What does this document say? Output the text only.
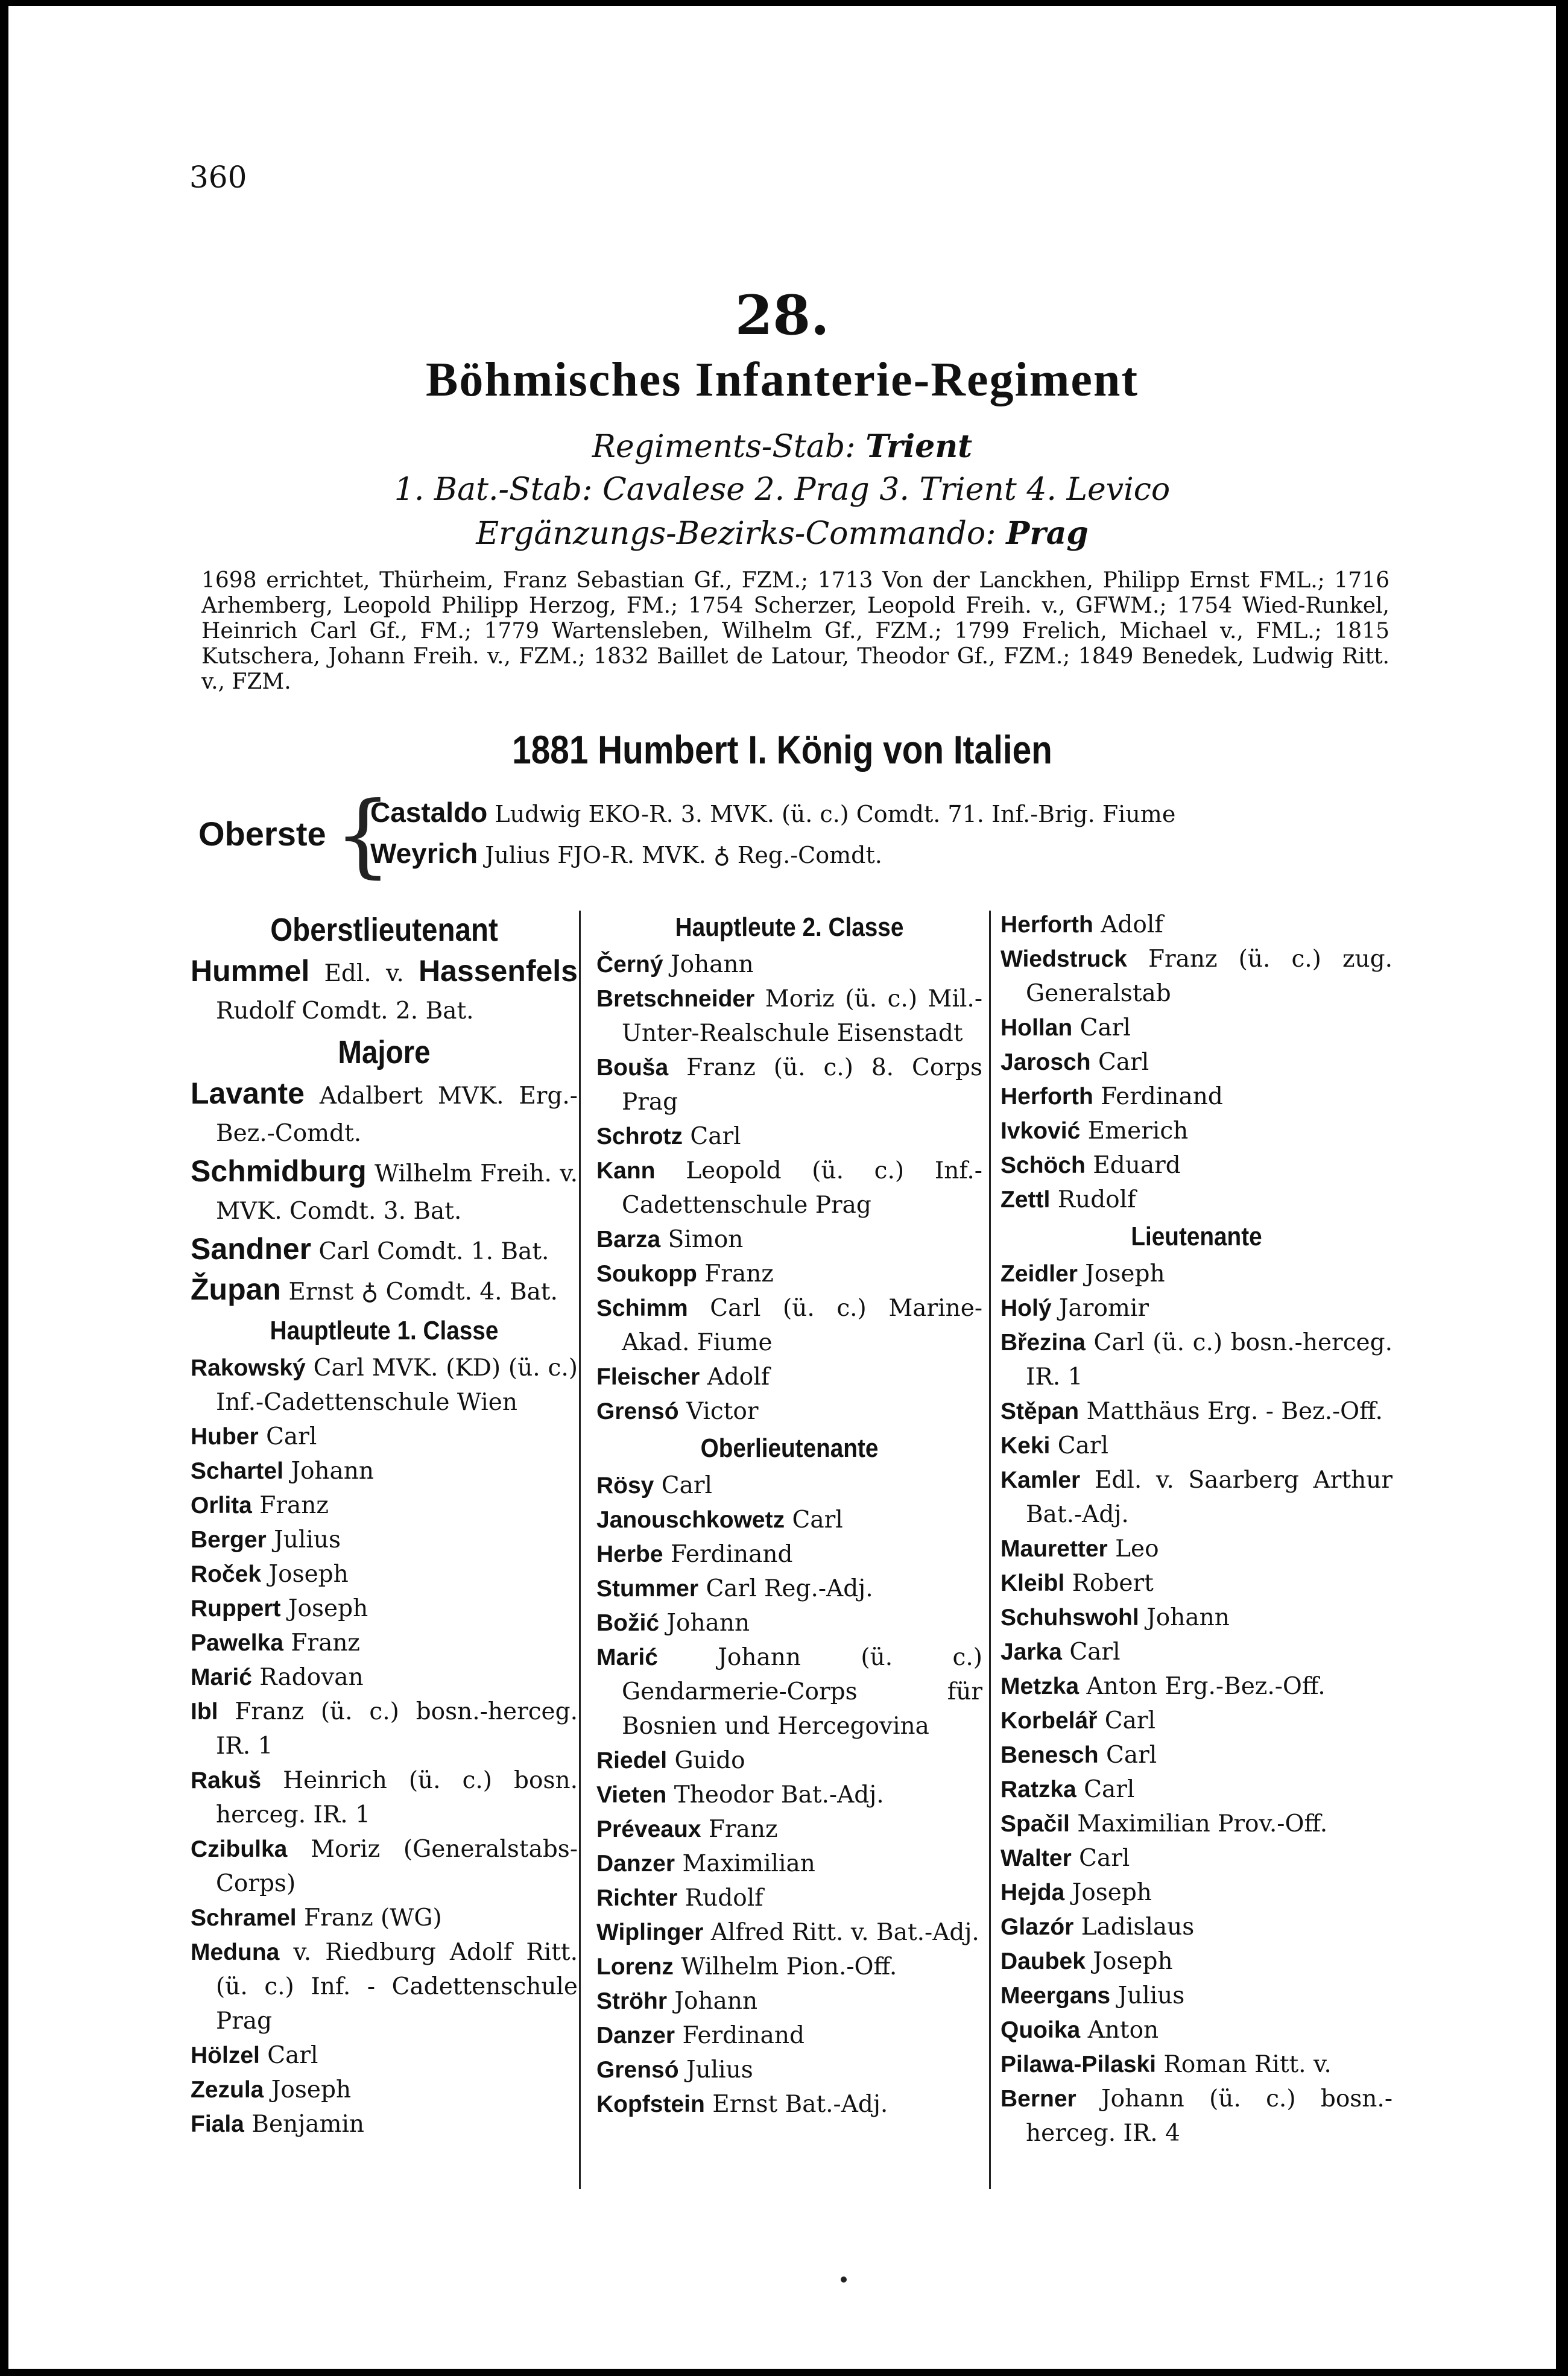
360
28.
Böhmisches Infanterie-Regiment
Regiments-Stab: Trient
1. Bat.-Stab: Cavalese 2. Prag 3. Trient 4. Levico
Ergänzungs-Bezirks-Commando: Prag
1698 errichtet, Thürheim, Franz Sebastian Gf., FZM.; 1713 Von der Lanckhen, Philipp Ernst FML.; 1716 Arhemberg, Leopold Philipp Herzog, FM.; 1754 Scherzer, Leopold Freih. v., GFWM.; 1754 Wied-Runkel, Heinrich Carl Gf., FM.; 1779 Wartensleben, Wilhelm Gf., FZM.; 1799 Frelich, Michael v., FML.; 1815 Kutschera, Johann Freih. v., FZM.; 1832 Baillet de Latour, Theodor Gf., FZM.; 1849 Benedek, Ludwig Ritt. v., FZM.
1881 Humbert I. König von Italien
Oberste {
Castaldo Ludwig EKO-R. 3. MVK. (ü. c.) Comdt. 71. Inf.-Brig. Fiume
Weyrich Julius FJO-R. MVK. ♁ Reg.-Comdt.
Oberstlieutenant
Hummel Edl. v. Hassenfels Rudolf Comdt. 2. Bat.
Majore
Lavante Adalbert MVK. Erg.-Bez.-Comdt.
Schmidburg Wilhelm Freih. v. MVK. Comdt. 3. Bat.
Sandner Carl Comdt. 1. Bat.
Župan Ernst ♁ Comdt. 4. Bat.
Hauptleute 1. Classe
Rakowský Carl MVK. (KD) (ü. c.) Inf.-Cadettenschule Wien
Huber Carl
Schartel Johann
Orlita Franz
Berger Julius
Roček Joseph
Ruppert Joseph
Pawelka Franz
Marić Radovan
Ibl Franz (ü. c.) bosn.-herceg. IR. 1
Rakuš Heinrich (ü. c.) bosn. herceg. IR. 1
Czibulka Moriz (Generalstabs-Corps)
Schramel Franz (WG)
Meduna v. Riedburg Adolf Ritt. (ü. c.) Inf. - Cadettenschule Prag
Hölzel Carl
Zezula Joseph
Fiala Benjamin
Hauptleute 2. Classe
Černý Johann
Bretschneider Moriz (ü. c.) Mil.-Unter-Realschule Eisenstadt
Bouša Franz (ü. c.) 8. Corps Prag
Schrotz Carl
Kann Leopold (ü. c.) Inf.-Cadettenschule Prag
Barza Simon
Soukopp Franz
Schimm Carl (ü. c.) Marine-Akad. Fiume
Fleischer Adolf
Grensó Victor
Oberlieutenante
Rösy Carl
Janouschkowetz Carl
Herbe Ferdinand
Stummer Carl Reg.-Adj.
Božić Johann
Marić	Johann (ü. c.) Gendarmerie-Corps für Bosnien und Hercegovina
Riedel Guido
Vieten Theodor Bat.-Adj.
Préveaux Franz
Danzer Maximilian
Richter Rudolf
Wiplinger Alfred Ritt. v. Bat.-Adj.
Lorenz Wilhelm Pion.-Off.
Ströhr Johann
Danzer Ferdinand
Grensó Julius
Kopfstein Ernst Bat.-Adj.
Herforth Adolf
Wiedstruck Franz (ü. c.) zug. Generalstab
Hollan Carl
Jarosch Carl
Herforth Ferdinand
Ivković Emerich
Schöch Eduard
Zettl Rudolf
Lieutenante
Zeidler Joseph
Holý Jaromir
Březina Carl (ü. c.) bosn.-herceg. IR. 1
Stěpan Matthäus Erg. - Bez.-Off.
Keki Carl
Kamler Edl. v. Saarberg Arthur Bat.-Adj.
Mauretter Leo
Kleibl Robert
Schuhswohl Johann
Jarka Carl
Metzka Anton Erg.-Bez.-Off.
Korbelář Carl
Benesch Carl
Ratzka Carl
Spačil Maximilian Prov.-Off.
Walter Carl
Hejda Joseph
Glazór Ladislaus
Daubek Joseph
Meergans Julius
Quoika Anton
Pilawa-Pilaski Roman Ritt. v.
Berner Johann (ü. c.) bosn.-herceg. IR. 4
